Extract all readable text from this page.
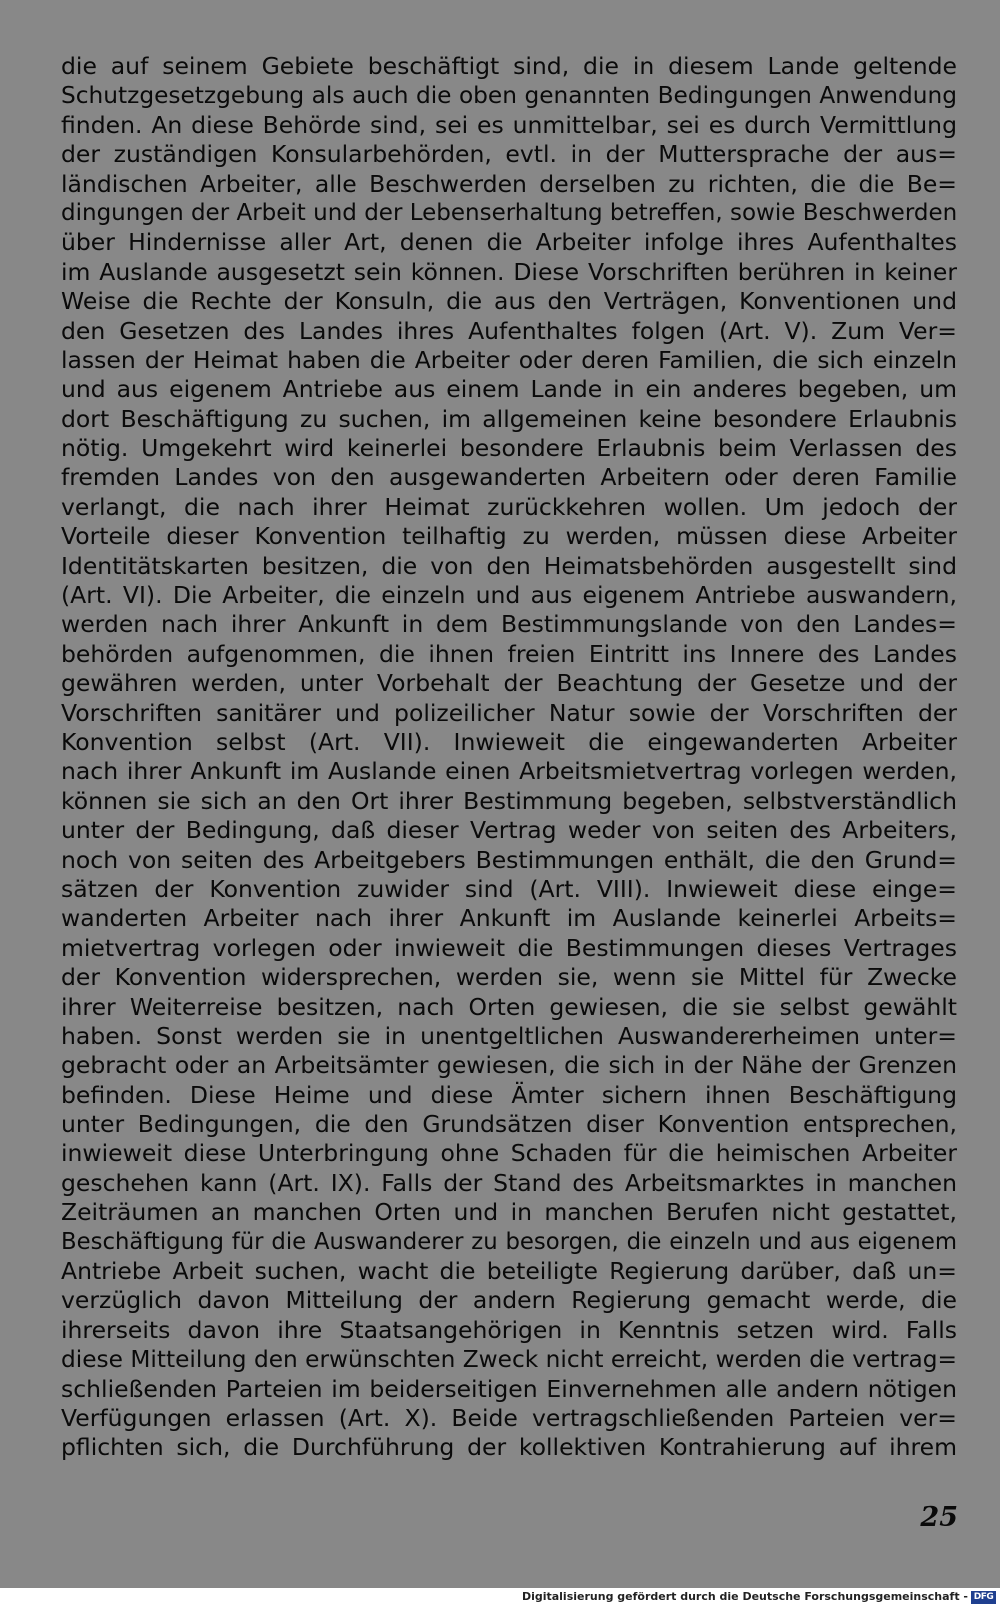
die auf seinem Gebiete beschäftigt sind, die in diesem Lande geltende
Schutzgesetzgebung als auch die oben genannten Bedingungen Anwendung
finden. An diese Behörde sind, sei es unmittelbar, sei es durch Vermittlung
der zuständigen Konsularbehörden, evtl. in der Muttersprache der aus=
ländischen Arbeiter, alle Beschwerden derselben zu richten, die die Be=
dingungen der Arbeit und der Lebenserhaltung betreffen, sowie Beschwerden
über Hindernisse aller Art, denen die Arbeiter infolge ihres Aufenthaltes
im Auslande ausgesetzt sein können. Diese Vorschriften berühren in keiner
Weise die Rechte der Konsuln, die aus den Verträgen, Konventionen und
den Gesetzen des Landes ihres Aufenthaltes folgen (Art. V). Zum Ver=
lassen der Heimat haben die Arbeiter oder deren Familien, die sich einzeln
und aus eigenem Antriebe aus einem Lande in ein anderes begeben, um
dort Beschäftigung zu suchen, im allgemeinen keine besondere Erlaubnis
nötig. Umgekehrt wird keinerlei besondere Erlaubnis beim Verlassen des
fremden Landes von den ausgewanderten Arbeitern oder deren Familie
verlangt, die nach ihrer Heimat zurückkehren wollen. Um jedoch der
Vorteile dieser Konvention teilhaftig zu werden, müssen diese Arbeiter
Identitätskarten besitzen, die von den Heimatsbehörden ausgestellt sind
(Art. VI). Die Arbeiter, die einzeln und aus eigenem Antriebe auswandern,
werden nach ihrer Ankunft in dem Bestimmungslande von den Landes=
behörden aufgenommen, die ihnen freien Eintritt ins Innere des Landes
gewähren werden, unter Vorbehalt der Beachtung der Gesetze und der
Vorschriften sanitärer und polizeilicher Natur sowie der Vorschriften der
Konvention selbst (Art. VII). Inwieweit die eingewanderten Arbeiter
nach ihrer Ankunft im Auslande einen Arbeitsmietvertrag vorlegen werden,
können sie sich an den Ort ihrer Bestimmung begeben, selbstverständlich
unter der Bedingung, daß dieser Vertrag weder von seiten des Arbeiters,
noch von seiten des Arbeitgebers Bestimmungen enthält, die den Grund=
sätzen der Konvention zuwider sind (Art. VIII). Inwieweit diese einge=
wanderten Arbeiter nach ihrer Ankunft im Auslande keinerlei Arbeits=
mietvertrag vorlegen oder inwieweit die Bestimmungen dieses Vertrages
der Konvention widersprechen, werden sie, wenn sie Mittel für Zwecke
ihrer Weiterreise besitzen, nach Orten gewiesen, die sie selbst gewählt
haben. Sonst werden sie in unentgeltlichen Auswandererheimen unter=
gebracht oder an Arbeitsämter gewiesen, die sich in der Nähe der Grenzen
befinden. Diese Heime und diese Ämter sichern ihnen Beschäftigung
unter Bedingungen, die den Grundsätzen diser Konvention entsprechen,
inwieweit diese Unterbringung ohne Schaden für die heimischen Arbeiter
geschehen kann (Art. IX). Falls der Stand des Arbeitsmarktes in manchen
Zeiträumen an manchen Orten und in manchen Berufen nicht gestattet,
Beschäftigung für die Auswanderer zu besorgen, die einzeln und aus eigenem
Antriebe Arbeit suchen, wacht die beteiligte Regierung darüber, daß un=
verzüglich davon Mitteilung der andern Regierung gemacht werde, die
ihrerseits davon ihre Staatsangehörigen in Kenntnis setzen wird. Falls
diese Mitteilung den erwünschten Zweck nicht erreicht, werden die vertrag=
schließenden Parteien im beiderseitigen Einvernehmen alle andern nötigen
Verfügungen erlassen (Art. X). Beide vertragschließenden Parteien ver=
pflichten sich, die Durchführung der kollektiven Kontrahierung auf ihrem
25
Digitalisierung gefördert durch die Deutsche Forschungsgemeinschaft - DFG
